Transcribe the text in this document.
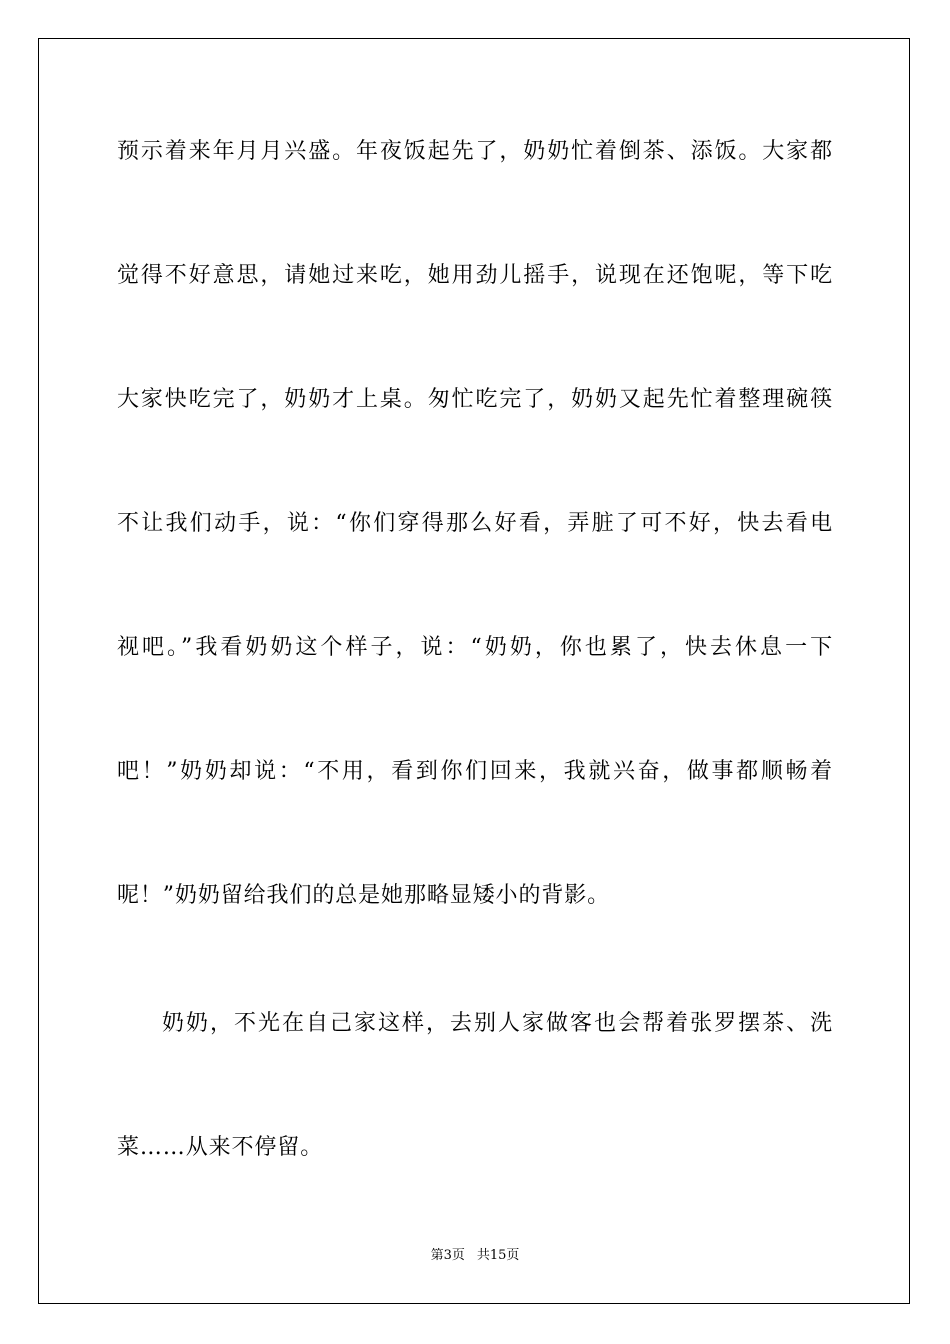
预示着来年月月兴盛。年夜饭起先了，奶奶忙着倒茶、添饭。大家都
觉得不好意思，请她过来吃，她用劲儿摇手，说现在还饱呢，等下吃
大家快吃完了，奶奶才上桌。匆忙吃完了，奶奶又起先忙着整理碗筷
不让我们动手，说：“你们穿得那么好看，弄脏了可不好，快去看电
视吧。”我看奶奶这个样子，说：“奶奶，你也累了，快去休息一下
吧！”奶奶却说：“不用，看到你们回来，我就兴奋，做事都顺畅着
呢！”奶奶留给我们的总是她那略显矮小的背影。
奶奶，不光在自己家这样，去别人家做客也会帮着张罗摆茶、洗
菜……从来不停留。
第3页 共15页
